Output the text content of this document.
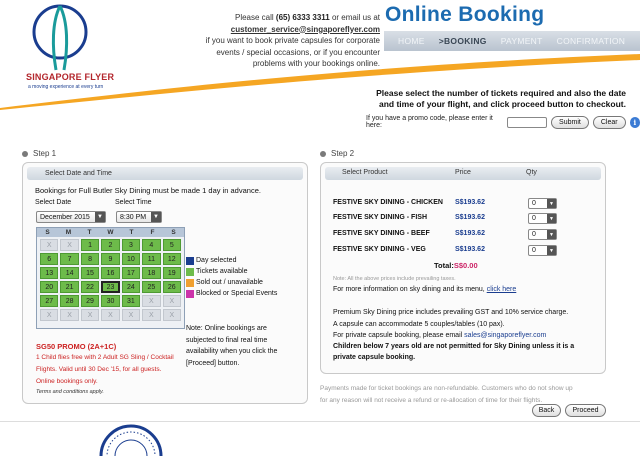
SINGAPORE FLYER
a moving experience at every turn
Please call (65) 6333 3311 or email us at
customer_service@singaporeflyer.com
if you want to book private capsules for corporate
events / special occasions, or if you encounter
problems with your bookings online.
Online Booking
HOME >BOOKING PAYMENT CONFIRMATION
Please select the number of tickets required and also the date
and time of your flight, and click proceed button to checkout.
If you have a promo code, please enter it here:	Submit	Clear	i
Step 1
Select Date and Time
Bookings for Full Butler Sky Dining must be made 1 day in advance.
Select Date	Select Time
December 2015	▼ 8:30 PM	▼
S	M	T	W	T	F	S
X	X	1	2	3	4	5
6	7	8	9	10	11	12
13	14	15	16	17	18	19
20	21	22	23	24	25	26
27	28	29	30	31	X	X
X	X	X	X	X	X	X
Day selected
Tickets available
Sold out / unavailable
Blocked or Special Events
Note: Online bookings are
subjected to final real time
availability when you click the
[Proceed] button.
SG50 PROMO (2A+1C)
1 Child flies free with 2 Adult SG Sling / Cocktail
Flights. Valid until 30 Dec '15, for all guests.
Online bookings only.
Terms and conditions apply.
Step 2
Select Product	Price	Qty
FESTIVE SKY DINING - CHICKEN	S$193.62	0	▼
FESTIVE SKY DINING - FISH	S$193.62	0	▼
FESTIVE SKY DINING - BEEF	S$193.62	0	▼
FESTIVE SKY DINING - VEG	S$193.62	0	▼
Total:S$0.00
Note: All the above prices include prevailing taxes.
For more information on sky dining and its menu, click here
Premium Sky Dining price includes prevailing GST and 10% service charge.
A capsule can accommodate 5 couples/tables (10 pax).
For private capsule booking, please email sales@singaporeflyer.com
Children below 7 years old are not permitted for Sky Dining unless it is a
private capsule booking.
Payments made for ticket bookings are non-refundable. Customers who do not show up
for any reason will not receive a refund or re-allocation of time for their flights.
Back	Proceed
